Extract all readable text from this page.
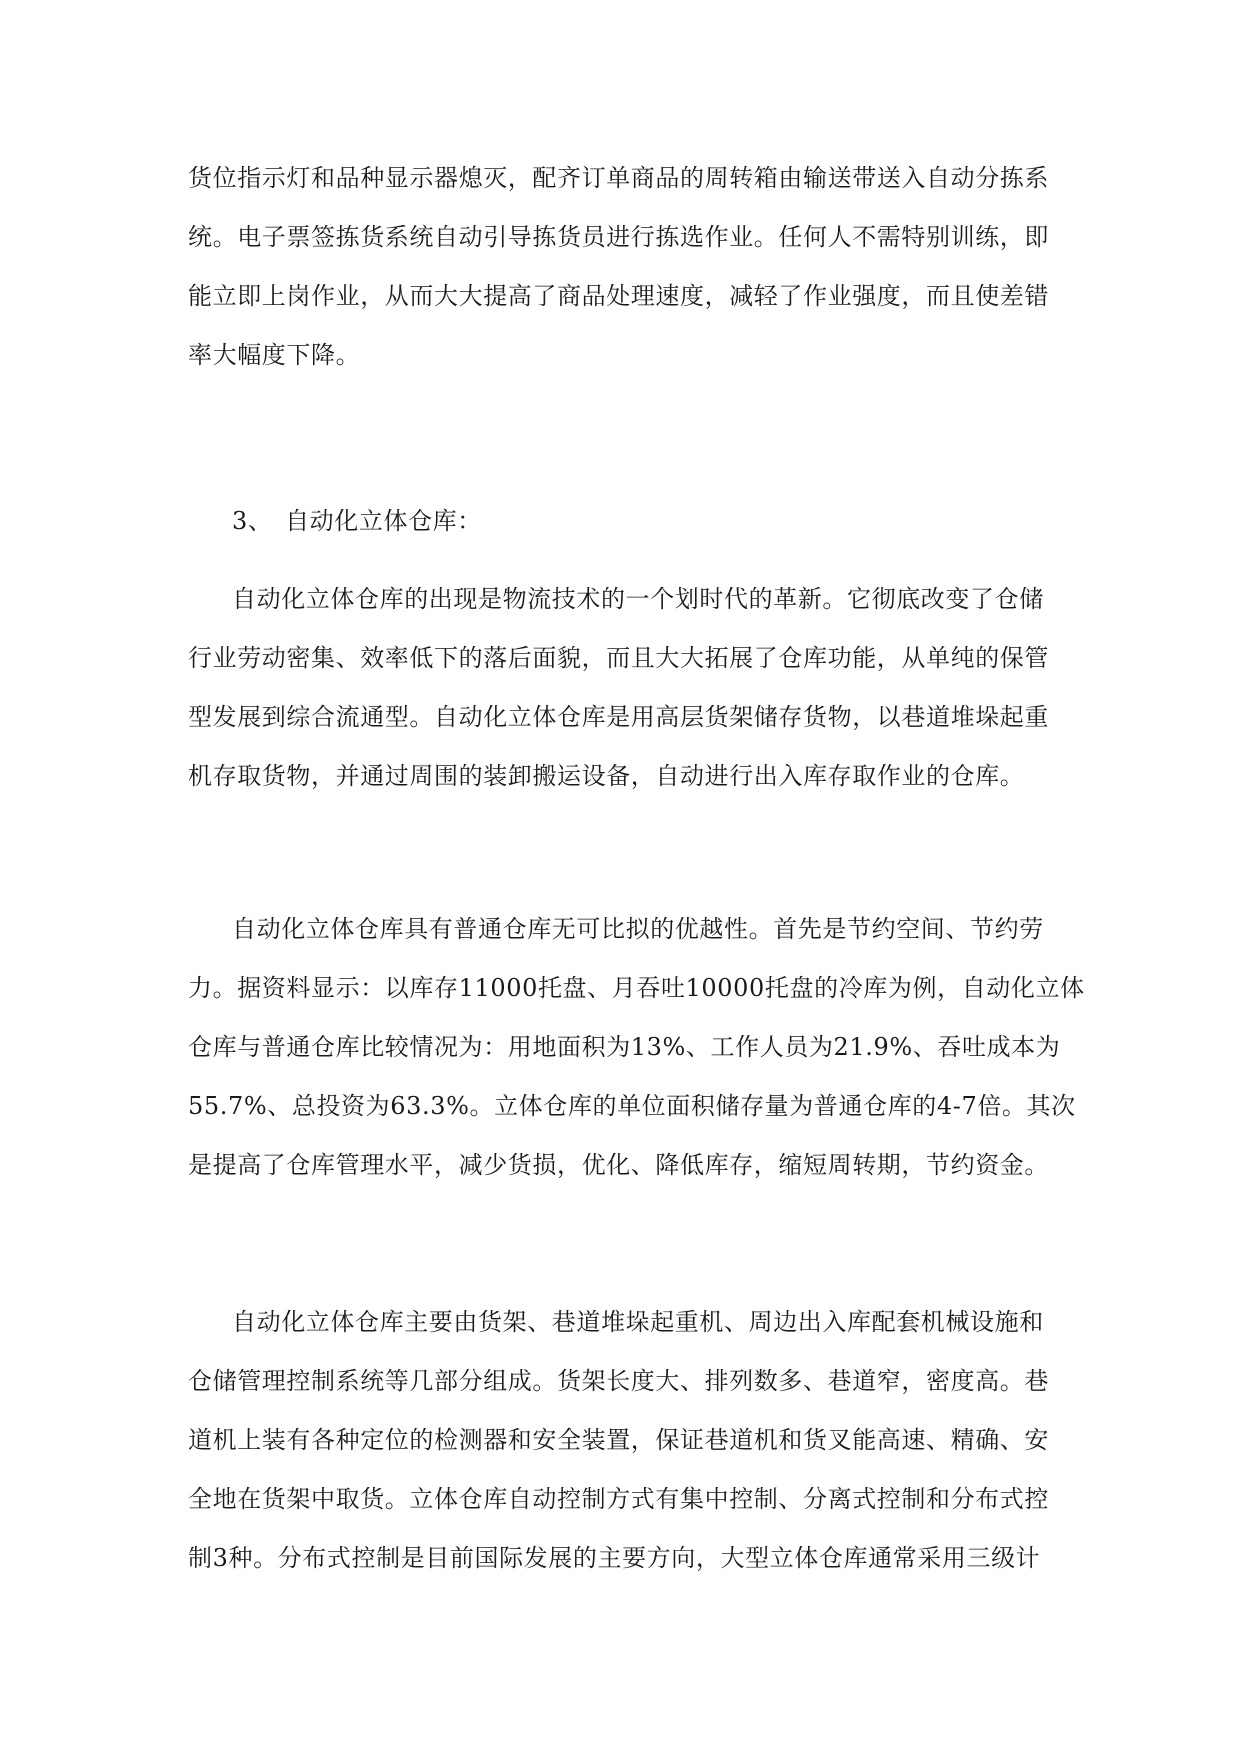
货位指示灯和品种显示器熄灭，配齐订单商品的周转箱由输送带送入自动分拣系
统。电子票签拣货系统自动引导拣货员进行拣选作业。任何人不需特别训练，即
能立即上岗作业，从而大大提高了商品处理速度，减轻了作业强度，而且使差错
率大幅度下降。
3、　自动化立体仓库：
自动化立体仓库的出现是物流技术的一个划时代的革新。它彻底改变了仓储
行业劳动密集、效率低下的落后面貌，而且大大拓展了仓库功能，从单纯的保管
型发展到综合流通型。自动化立体仓库是用高层货架储存货物，以巷道堆垛起重
机存取货物，并通过周围的装卸搬运设备，自动进行出入库存取作业的仓库。
自动化立体仓库具有普通仓库无可比拟的优越性。首先是节约空间、节约劳
力。据资料显示：以库存11000托盘、月吞吐10000托盘的冷库为例，自动化立体
仓库与普通仓库比较情况为：用地面积为13%、工作人员为21.9%、吞吐成本为
55.7%、总投资为63.3%。立体仓库的单位面积储存量为普通仓库的4-7倍。其次
是提高了仓库管理水平，减少货损，优化、降低库存，缩短周转期，节约资金。
自动化立体仓库主要由货架、巷道堆垛起重机、周边出入库配套机械设施和
仓储管理控制系统等几部分组成。货架长度大、排列数多、巷道窄，密度高。巷
道机上装有各种定位的检测器和安全装置，保证巷道机和货叉能高速、精确、安
全地在货架中取货。立体仓库自动控制方式有集中控制、分离式控制和分布式控
制3种。分布式控制是目前国际发展的主要方向，大型立体仓库通常采用三级计
